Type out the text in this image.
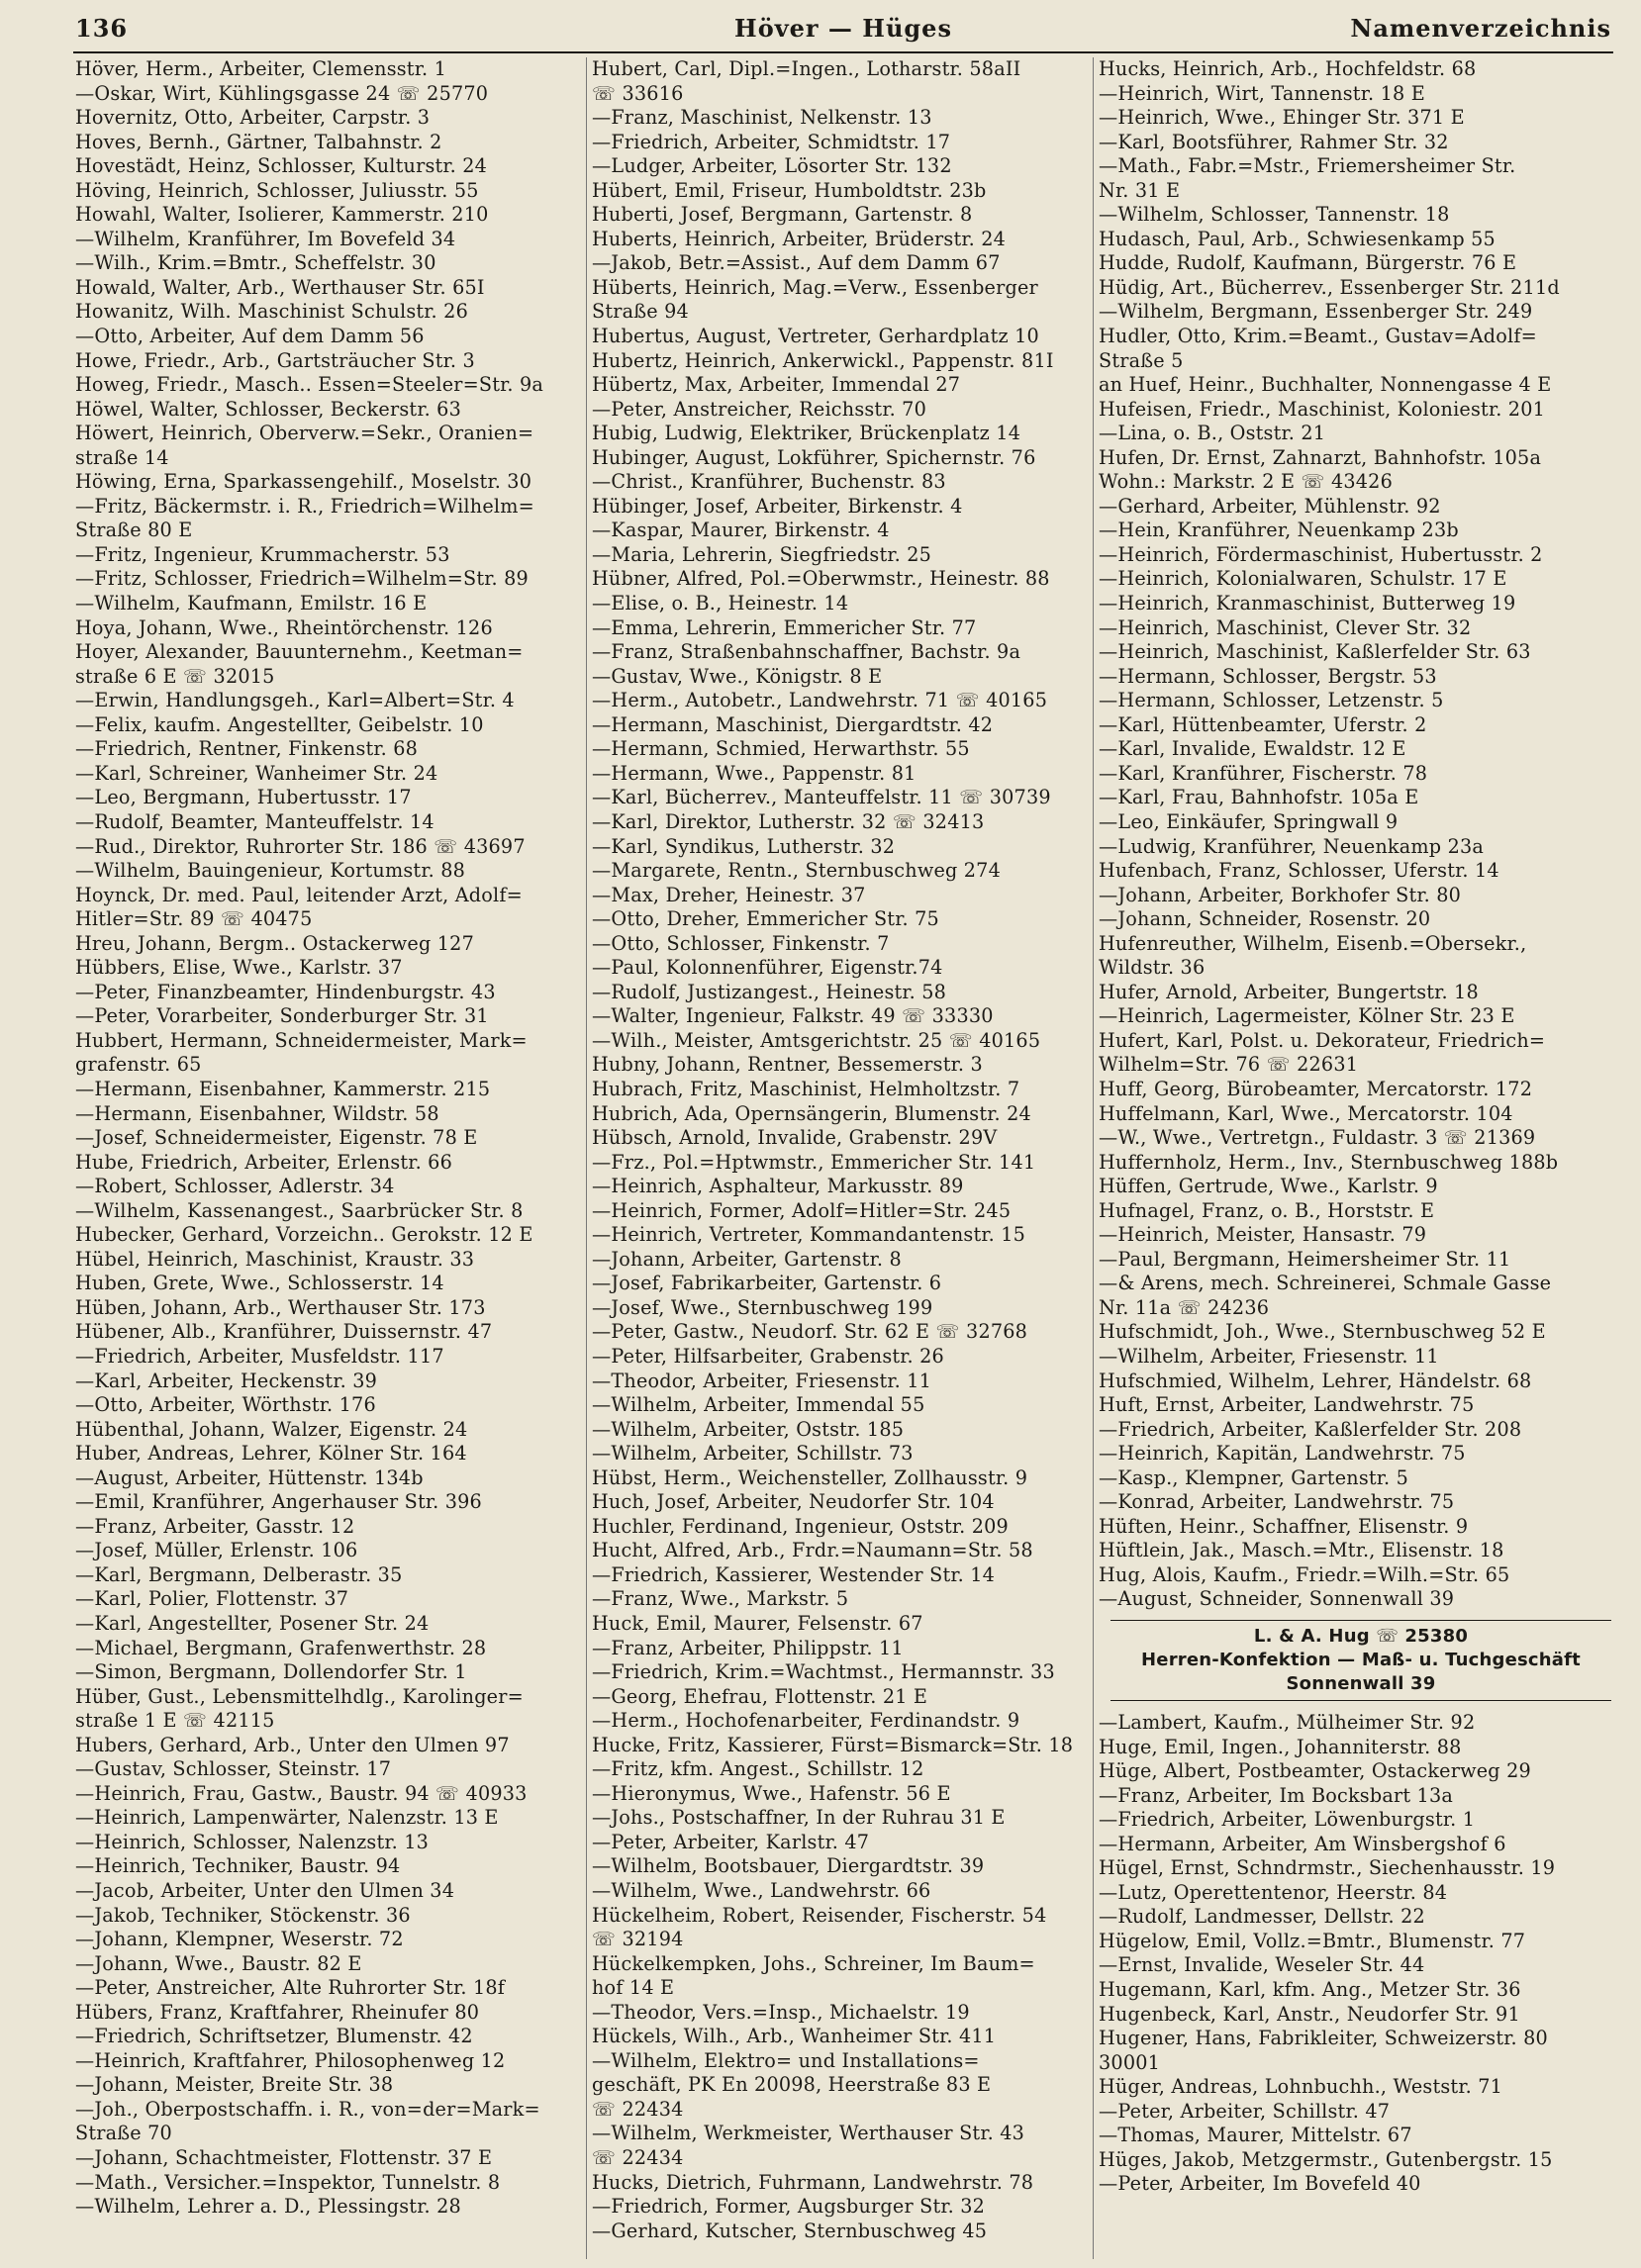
136	Höver — Hüges	Namenverzeichnis
Höver, Herm., Arbeiter, Clemensstr. 1
—Oskar, Wirt, Kühlingsgasse 24 ☏ 25770
Hovernitz, Otto, Arbeiter, Carpstr. 3
Hoves, Bernh., Gärtner, Talbahnstr. 2
Hovestädt, Heinz, Schlosser, Kulturstr. 24
Höving, Heinrich, Schlosser, Juliusstr. 55
Howahl, Walter, Isolierer, Kammerstr. 210
—Wilhelm, Kranführer, Im Bovefeld 34
—Wilh., Krim.=Bmtr., Scheffelstr. 30
Howald, Walter, Arb., Werthauser Str. 65I
Howanitz, Wilh. Maschinist Schulstr. 26
—Otto, Arbeiter, Auf dem Damm 56
Howe, Friedr., Arb., Gartsträucher Str. 3
Howeg, Friedr., Masch.. Essen=Steeler=Str. 9a
Höwel, Walter, Schlosser, Beckerstr. 63
Höwert, Heinrich, Oberverw.=Sekr., Oranien=
straße 14
Höwing, Erna, Sparkassengehilf., Moselstr. 30
—Fritz, Bäckermstr. i. R., Friedrich=Wilhelm=
Straße 80 E
—Fritz, Ingenieur, Krummacherstr. 53
—Fritz, Schlosser, Friedrich=Wilhelm=Str. 89
—Wilhelm, Kaufmann, Emilstr. 16 E
Hoya, Johann, Wwe., Rheintörchenstr. 126
Hoyer, Alexander, Bauunternehm., Keetman=
straße 6 E ☏ 32015
—Erwin, Handlungsgeh., Karl=Albert=Str. 4
—Felix, kaufm. Angestellter, Geibelstr. 10
—Friedrich, Rentner, Finkenstr. 68
—Karl, Schreiner, Wanheimer Str. 24
—Leo, Bergmann, Hubertusstr. 17
—Rudolf, Beamter, Manteuffelstr. 14
—Rud., Direktor, Ruhrorter Str. 186 ☏ 43697
—Wilhelm, Bauingenieur, Kortumstr. 88
Hoynck, Dr. med. Paul, leitender Arzt, Adolf=
Hitler=Str. 89 ☏ 40475
Hreu, Johann, Bergm.. Ostackerweg 127
Hübbers, Elise, Wwe., Karlstr. 37
—Peter, Finanzbeamter, Hindenburgstr. 43
—Peter, Vorarbeiter, Sonderburger Str. 31
Hubbert, Hermann, Schneidermeister, Mark=
grafenstr. 65
—Hermann, Eisenbahner, Kammerstr. 215
—Hermann, Eisenbahner, Wildstr. 58
—Josef, Schneidermeister, Eigenstr. 78 E
Hube, Friedrich, Arbeiter, Erlenstr. 66
—Robert, Schlosser, Adlerstr. 34
—Wilhelm, Kassenangest., Saarbrücker Str. 8
Hubecker, Gerhard, Vorzeichn.. Gerokstr. 12 E
Hübel, Heinrich, Maschinist, Kraustr. 33
Huben, Grete, Wwe., Schlosserstr. 14
Hüben, Johann, Arb., Werthauser Str. 173
Hübener, Alb., Kranführer, Duissernstr. 47
—Friedrich, Arbeiter, Musfeldstr. 117
—Karl, Arbeiter, Heckenstr. 39
—Otto, Arbeiter, Wörthstr. 176
Hübenthal, Johann, Walzer, Eigenstr. 24
Huber, Andreas, Lehrer, Kölner Str. 164
—August, Arbeiter, Hüttenstr. 134b
—Emil, Kranführer, Angerhauser Str. 396
—Franz, Arbeiter, Gasstr. 12
—Josef, Müller, Erlenstr. 106
—Karl, Bergmann, Delberastr. 35
—Karl, Polier, Flottenstr. 37
—Karl, Angestellter, Posener Str. 24
—Michael, Bergmann, Grafenwerthstr. 28
—Simon, Bergmann, Dollendorfer Str. 1
Hüber, Gust., Lebensmittelhdlg., Karolinger=
straße 1 E ☏ 42115
Hubers, Gerhard, Arb., Unter den Ulmen 97
—Gustav, Schlosser, Steinstr. 17
—Heinrich, Frau, Gastw., Baustr. 94 ☏ 40933
—Heinrich, Lampenwärter, Nalenzstr. 13 E
—Heinrich, Schlosser, Nalenzstr. 13
—Heinrich, Techniker, Baustr. 94
—Jacob, Arbeiter, Unter den Ulmen 34
—Jakob, Techniker, Stöckenstr. 36
—Johann, Klempner, Weserstr. 72
—Johann, Wwe., Baustr. 82 E
—Peter, Anstreicher, Alte Ruhrorter Str. 18f
Hübers, Franz, Kraftfahrer, Rheinufer 80
—Friedrich, Schriftsetzer, Blumenstr. 42
—Heinrich, Kraftfahrer, Philosophenweg 12
—Johann, Meister, Breite Str. 38
—Joh., Oberpostschaffn. i. R., von=der=Mark=
Straße 70
—Johann, Schachtmeister, Flottenstr. 37 E
—Math., Versicher.=Inspektor, Tunnelstr. 8
—Wilhelm, Lehrer a. D., Plessingstr. 28
Hubert, Carl, Dipl.=Ingen., Lotharstr. 58aII
☏ 33616
—Franz, Maschinist, Nelkenstr. 13
—Friedrich, Arbeiter, Schmidtstr. 17
—Ludger, Arbeiter, Lösorter Str. 132
Hübert, Emil, Friseur, Humboldtstr. 23b
Huberti, Josef, Bergmann, Gartenstr. 8
Huberts, Heinrich, Arbeiter, Brüderstr. 24
—Jakob, Betr.=Assist., Auf dem Damm 67
Hüberts, Heinrich, Mag.=Verw., Essenberger
Straße 94
Hubertus, August, Vertreter, Gerhardplatz 10
Hubertz, Heinrich, Ankerwickl., Pappenstr. 81I
Hübertz, Max, Arbeiter, Immendal 27
—Peter, Anstreicher, Reichsstr. 70
Hubig, Ludwig, Elektriker, Brückenplatz 14
Hubinger, August, Lokführer, Spichernstr. 76
—Christ., Kranführer, Buchenstr. 83
Hübinger, Josef, Arbeiter, Birkenstr. 4
—Kaspar, Maurer, Birkenstr. 4
—Maria, Lehrerin, Siegfriedstr. 25
Hübner, Alfred, Pol.=Oberwmstr., Heinestr. 88
—Elise, o. B., Heinestr. 14
—Emma, Lehrerin, Emmericher Str. 77
—Franz, Straßenbahnschaffner, Bachstr. 9a
—Gustav, Wwe., Königstr. 8 E
—Herm., Autobetr., Landwehrstr. 71 ☏ 40165
—Hermann, Maschinist, Diergardtstr. 42
—Hermann, Schmied, Herwarthstr. 55
—Hermann, Wwe., Pappenstr. 81
—Karl, Bücherrev., Manteuffelstr. 11 ☏ 30739
—Karl, Direktor, Lutherstr. 32 ☏ 32413
—Karl, Syndikus, Lutherstr. 32
—Margarete, Rentn., Sternbuschweg 274
—Max, Dreher, Heinestr. 37
—Otto, Dreher, Emmericher Str. 75
—Otto, Schlosser, Finkenstr. 7
—Paul, Kolonnenführer, Eigenstr.74
—Rudolf, Justizangest., Heinestr. 58
—Walter, Ingenieur, Falkstr. 49 ☏ 33330
—Wilh., Meister, Amtsgerichtstr. 25 ☏ 40165
Hubny, Johann, Rentner, Bessemerstr. 3
Hubrach, Fritz, Maschinist, Helmholtzstr. 7
Hubrich, Ada, Opernsängerin, Blumenstr. 24
Hübsch, Arnold, Invalide, Grabenstr. 29V
—Frz., Pol.=Hptwmstr., Emmericher Str. 141
—Heinrich, Asphalteur, Markusstr. 89
—Heinrich, Former, Adolf=Hitler=Str. 245
—Heinrich, Vertreter, Kommandantenstr. 15
—Johann, Arbeiter, Gartenstr. 8
—Josef, Fabrikarbeiter, Gartenstr. 6
—Josef, Wwe., Sternbuschweg 199
—Peter, Gastw., Neudorf. Str. 62 E ☏ 32768
—Peter, Hilfsarbeiter, Grabenstr. 26
—Theodor, Arbeiter, Friesenstr. 11
—Wilhelm, Arbeiter, Immendal 55
—Wilhelm, Arbeiter, Oststr. 185
—Wilhelm, Arbeiter, Schillstr. 73
Hübst, Herm., Weichensteller, Zollhausstr. 9
Huch, Josef, Arbeiter, Neudorfer Str. 104
Huchler, Ferdinand, Ingenieur, Oststr. 209
Hucht, Alfred, Arb., Frdr.=Naumann=Str. 58
—Friedrich, Kassierer, Westender Str. 14
—Franz, Wwe., Markstr. 5
Huck, Emil, Maurer, Felsenstr. 67
—Franz, Arbeiter, Philippstr. 11
—Friedrich, Krim.=Wachtmst., Hermannstr. 33
—Georg, Ehefrau, Flottenstr. 21 E
—Herm., Hochofenarbeiter, Ferdinandstr. 9
Hucke, Fritz, Kassierer, Fürst=Bismarck=Str. 18
—Fritz, kfm. Angest., Schillstr. 12
—Hieronymus, Wwe., Hafenstr. 56 E
—Johs., Postschaffner, In der Ruhrau 31 E
—Peter, Arbeiter, Karlstr. 47
—Wilhelm, Bootsbauer, Diergardtstr. 39
—Wilhelm, Wwe., Landwehrstr. 66
Hückelheim, Robert, Reisender, Fischerstr. 54
☏ 32194
Hückelkempken, Johs., Schreiner, Im Baum=
hof 14 E
—Theodor, Vers.=Insp., Michaelstr. 19
Hückels, Wilh., Arb., Wanheimer Str. 411
—Wilhelm, Elektro= und Installations=
geschäft, PK En 20098, Heerstraße 83 E
☏ 22434
—Wilhelm, Werkmeister, Werthauser Str. 43
☏ 22434
Hucks, Dietrich, Fuhrmann, Landwehrstr. 78
—Friedrich, Former, Augsburger Str. 32
—Gerhard, Kutscher, Sternbuschweg 45
Hucks, Heinrich, Arb., Hochfeldstr. 68
—Heinrich, Wirt, Tannenstr. 18 E
—Heinrich, Wwe., Ehinger Str. 371 E
—Karl, Bootsführer, Rahmer Str. 32
—Math., Fabr.=Mstr., Friemersheimer Str.
Nr. 31 E
—Wilhelm, Schlosser, Tannenstr. 18
Hudasch, Paul, Arb., Schwiesenkamp 55
Hudde, Rudolf, Kaufmann, Bürgerstr. 76 E
Hüdig, Art., Bücherrev., Essenberger Str. 211d
—Wilhelm, Bergmann, Essenberger Str. 249
Hudler, Otto, Krim.=Beamt., Gustav=Adolf=
Straße 5
an Huef, Heinr., Buchhalter, Nonnengasse 4 E
Hufeisen, Friedr., Maschinist, Koloniestr. 201
—Lina, o. B., Oststr. 21
Hufen, Dr. Ernst, Zahnarzt, Bahnhofstr. 105a
Wohn.: Markstr. 2 E ☏ 43426
—Gerhard, Arbeiter, Mühlenstr. 92
—Hein, Kranführer, Neuenkamp 23b
—Heinrich, Fördermaschinist, Hubertusstr. 2
—Heinrich, Kolonialwaren, Schulstr. 17 E
—Heinrich, Kranmaschinist, Butterweg 19
—Heinrich, Maschinist, Clever Str. 32
—Heinrich, Maschinist, Kaßlerfelder Str. 63
—Hermann, Schlosser, Bergstr. 53
—Hermann, Schlosser, Letzenstr. 5
—Karl, Hüttenbeamter, Uferstr. 2
—Karl, Invalide, Ewaldstr. 12 E
—Karl, Kranführer, Fischerstr. 78
—Karl, Frau, Bahnhofstr. 105a E
—Leo, Einkäufer, Springwall 9
—Ludwig, Kranführer, Neuenkamp 23a
Hufenbach, Franz, Schlosser, Uferstr. 14
—Johann, Arbeiter, Borkhofer Str. 80
—Johann, Schneider, Rosenstr. 20
Hufenreuther, Wilhelm, Eisenb.=Obersekr.,
Wildstr. 36
Hufer, Arnold, Arbeiter, Bungertstr. 18
—Heinrich, Lagermeister, Kölner Str. 23 E
Hufert, Karl, Polst. u. Dekorateur, Friedrich=
Wilhelm=Str. 76 ☏ 22631
Huff, Georg, Bürobeamter, Mercatorstr. 172
Huffelmann, Karl, Wwe., Mercatorstr. 104
—W., Wwe., Vertretgn., Fuldastr. 3 ☏ 21369
Huffernholz, Herm., Inv., Sternbuschweg 188b
Hüffen, Gertrude, Wwe., Karlstr. 9
Hufnagel, Franz, o. B., Horststr. E
—Heinrich, Meister, Hansastr. 79
—Paul, Bergmann, Heimersheimer Str. 11
—& Arens, mech. Schreinerei, Schmale Gasse
Nr. 11a ☏ 24236
Hufschmidt, Joh., Wwe., Sternbuschweg 52 E
—Wilhelm, Arbeiter, Friesenstr. 11
Hufschmied, Wilhelm, Lehrer, Händelstr. 68
Huft, Ernst, Arbeiter, Landwehrstr. 75
—Friedrich, Arbeiter, Kaßlerfelder Str. 208
—Heinrich, Kapitän, Landwehrstr. 75
—Kasp., Klempner, Gartenstr. 5
—Konrad, Arbeiter, Landwehrstr. 75
Hüften, Heinr., Schaffner, Elisenstr. 9
Hüftlein, Jak., Masch.=Mtr., Elisenstr. 18
Hug, Alois, Kaufm., Friedr.=Wilh.=Str. 65
—August, Schneider, Sonnenwall 39
L. & A. Hug ☏ 25380
Herren-Konfektion — Maß- u. Tuchgeschäft
Sonnenwall 39
—Lambert, Kaufm., Mülheimer Str. 92
Huge, Emil, Ingen., Johanniterstr. 88
Hüge, Albert, Postbeamter, Ostackerweg 29
—Franz, Arbeiter, Im Bocksbart 13a
—Friedrich, Arbeiter, Löwenburgstr. 1
—Hermann, Arbeiter, Am Winsbergshof 6
Hügel, Ernst, Schndrmstr., Siechenhausstr. 19
—Lutz, Operettentenor, Heerstr. 84
—Rudolf, Landmesser, Dellstr. 22
Hügelow, Emil, Vollz.=Bmtr., Blumenstr. 77
—Ernst, Invalide, Weseler Str. 44
Hugemann, Karl, kfm. Ang., Metzer Str. 36
Hugenbeck, Karl, Anstr., Neudorfer Str. 91
Hugener, Hans, Fabrikleiter, Schweizerstr. 80
30001
Hüger, Andreas, Lohnbuchh., Weststr. 71
—Peter, Arbeiter, Schillstr. 47
—Thomas, Maurer, Mittelstr. 67
Hüges, Jakob, Metzgermstr., Gutenbergstr. 15
—Peter, Arbeiter, Im Bovefeld 40
